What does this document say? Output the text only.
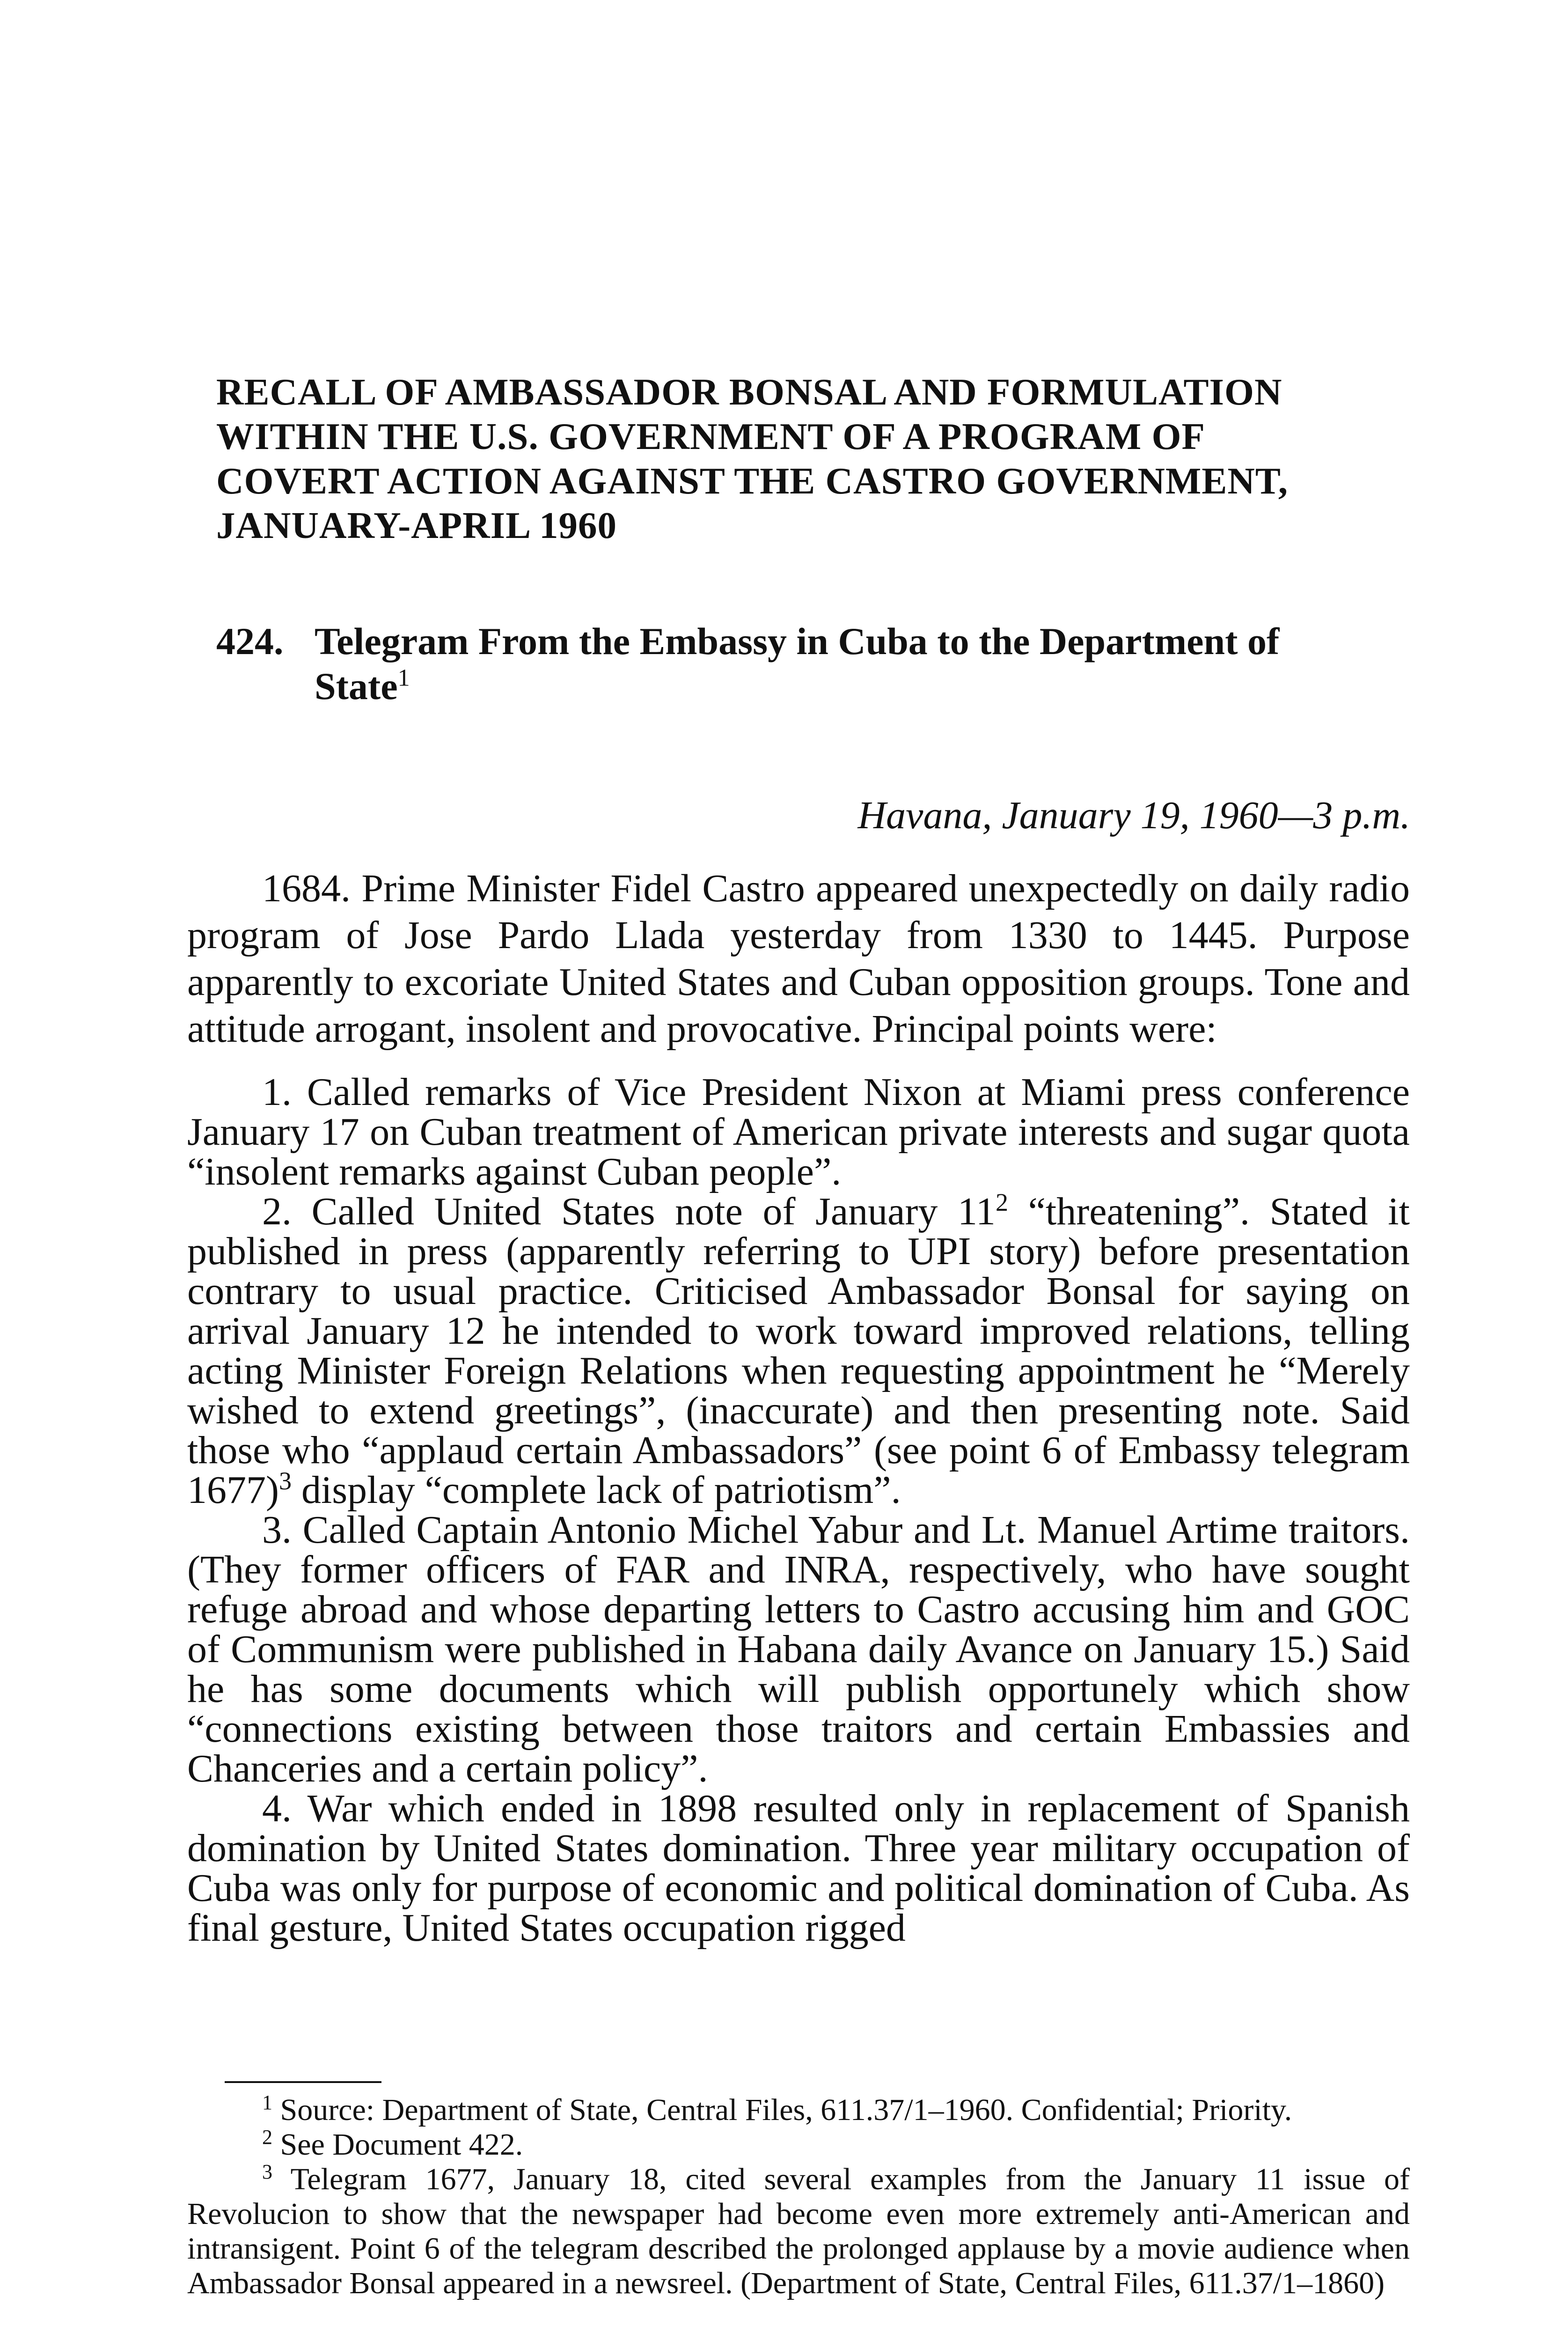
RECALL OF AMBASSADOR BONSAL AND FORMULATION
WITHIN THE U.S. GOVERNMENT OF A PROGRAM OF
COVERT ACTION AGAINST THE CASTRO GOVERNMENT,
JANUARY-APRIL 1960
424. Telegram From the Embassy in Cuba to the Department of
State$^1$

Havana, January 19, 1960—3 p.m.

1684. Prime Minister Fidel Castro appeared unexpectedly on daily radio program of Jose Pardo Llada yesterday from 1330 to 1445. Purpose apparently to excoriate United States and Cuban opposition groups. Tone and attitude arrogant, insolent and provocative. Principal points were:

1. Called remarks of Vice President Nixon at Miami press conference January 17 on Cuban treatment of American private interests and sugar quota “insolent remarks against Cuban people”.

2. Called United States note of January $11^2$ “threatening”. Stated it published in press (apparently referring to UPI story) before presentation contrary to usual practice. Criticised Ambassador Bonsal for saying on arrival January 12 he intended to work toward improved relations, telling acting Minister Foreign Relations when requesting appointment he “Merely wished to extend greetings”, (inaccurate) and then presenting note. Said those who “applaud certain Ambassadors” (see point 6 of Embassy telegram 1677)$^3$ display “complete lack of patriotism”.

3. Called Captain Antonio Michel Yabur and Lt. Manuel Artime traitors. (They former officers of FAR and INRA, respectively, who have sought refuge abroad and whose departing letters to Castro accusing him and GOC of Communism were published in Habana daily Avance on January 15.) Said he has some documents which will publish opportunely which show “connections existing between those traitors and certain Embassies and Chanceries and a certain policy”.

4. War which ended in 1898 resulted only in replacement of Spanish domination by United States domination. Three year military occupation of Cuba was only for purpose of economic and political domination of Cuba. As final gesture, United States occupation rigged

$^1$ Source: Department of State, Central Files, 611.37/1–1960. Confidential; Priority.

$^2$ See Document 422.

$^3$ Telegram 1677, January 18, cited several examples from the January 11 issue of Revolucion to show that the newspaper had become even more extremely anti-American and intransigent. Point 6 of the telegram described the prolonged applause by a movie audience when Ambassador Bonsal appeared in a newsreel. (Department of State, Central Files, 611.37/1–1860)
